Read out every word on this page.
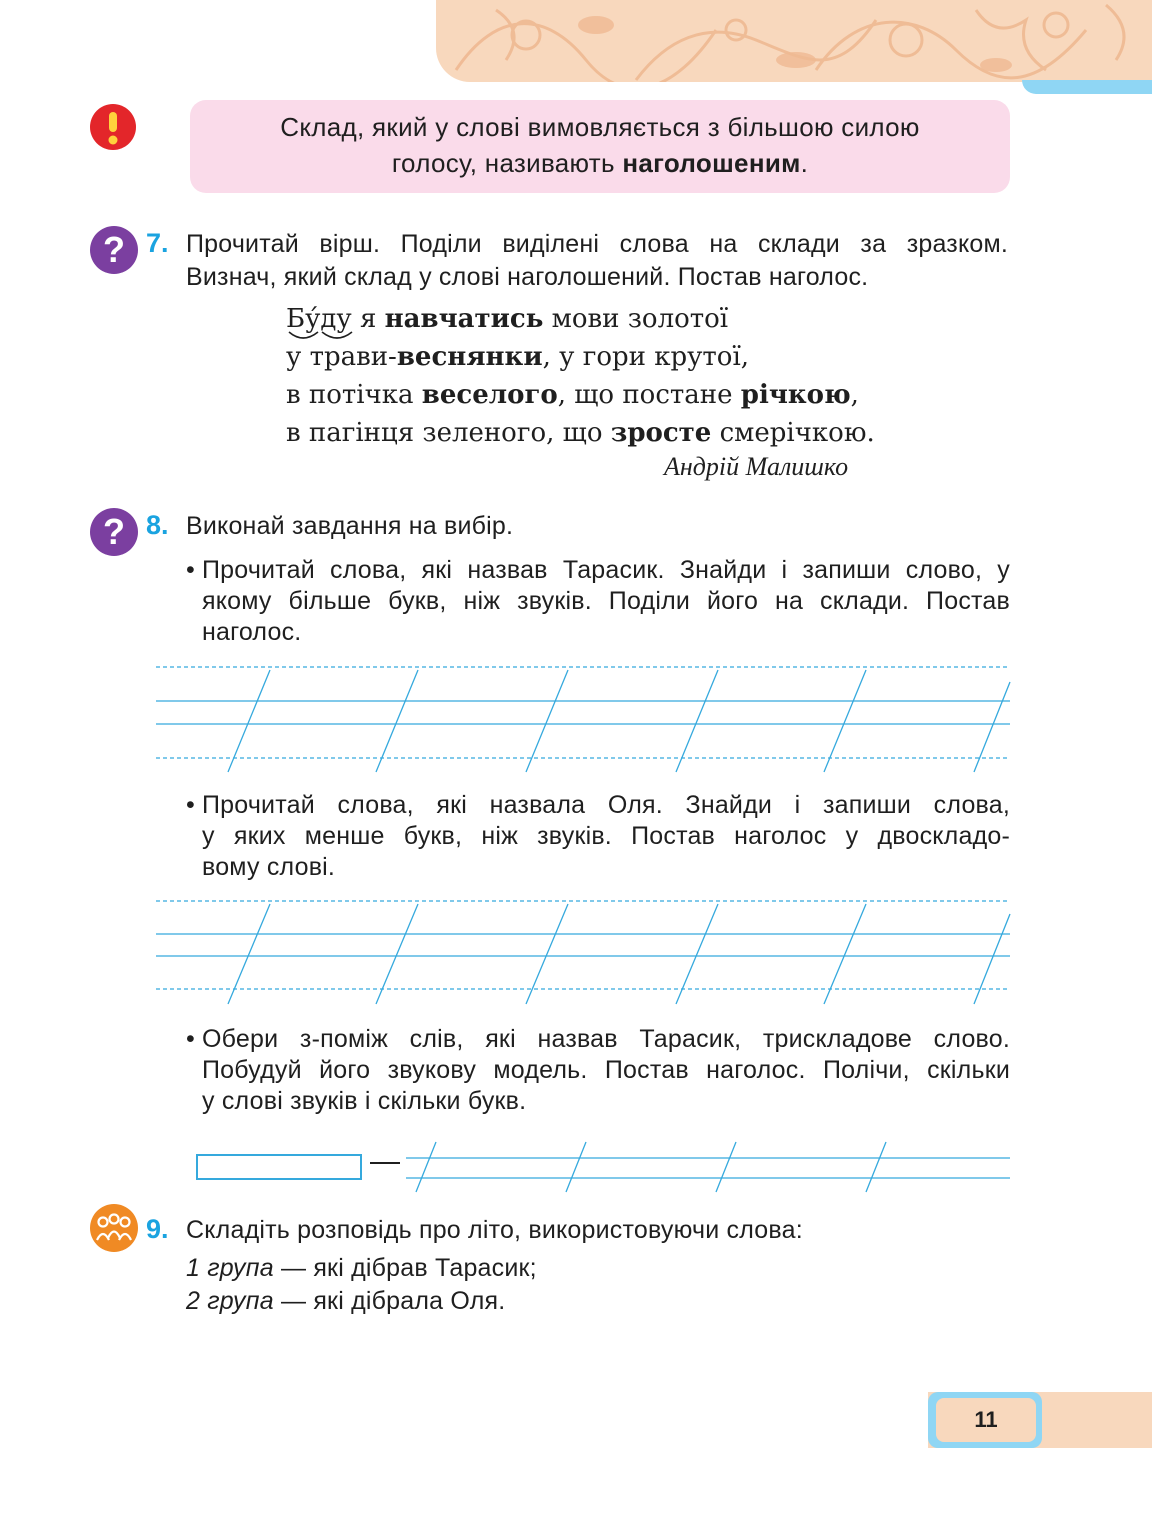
Склад, який у слові вимовляється з більшою силою
голосу, називають наголошеним.
? 7. Прочитай вірш. Поділи виділені слова на склади за зразком.
Визнач, який склад у слові наголошений. Постав наголос.
Бу́ду
я навчатись мови золотої
у трави-веснянки, у гори крутої,
в потічка веселого, що постане річкою,
в пагінця зеленого, що зросте смерічкою.
Андрій Малишко
? 8. Виконай завдання на вибір.
• Прочитай слова, які назвав Тарасик. Знайди і запиши слово, у
якому більше букв, ніж звуків. Поділи його на склади. Постав
наголос.
• Прочитай слова, які назвала Оля. Знайди і запиши слова,
у яких менше букв, ніж звуків. Постав наголос у двоскладо-
вому слові.
• Обери з-поміж слів, які назвав Тарасик, трискладове слово.
Побудуй його звукову модель. Постав наголос. Полічи, скільки
у слові звуків і скільки букв.
9. Складіть розповідь про літо, використовуючи слова:
1 група — які дібрав Тарасик;
2 група — які дібрала Оля.
11
